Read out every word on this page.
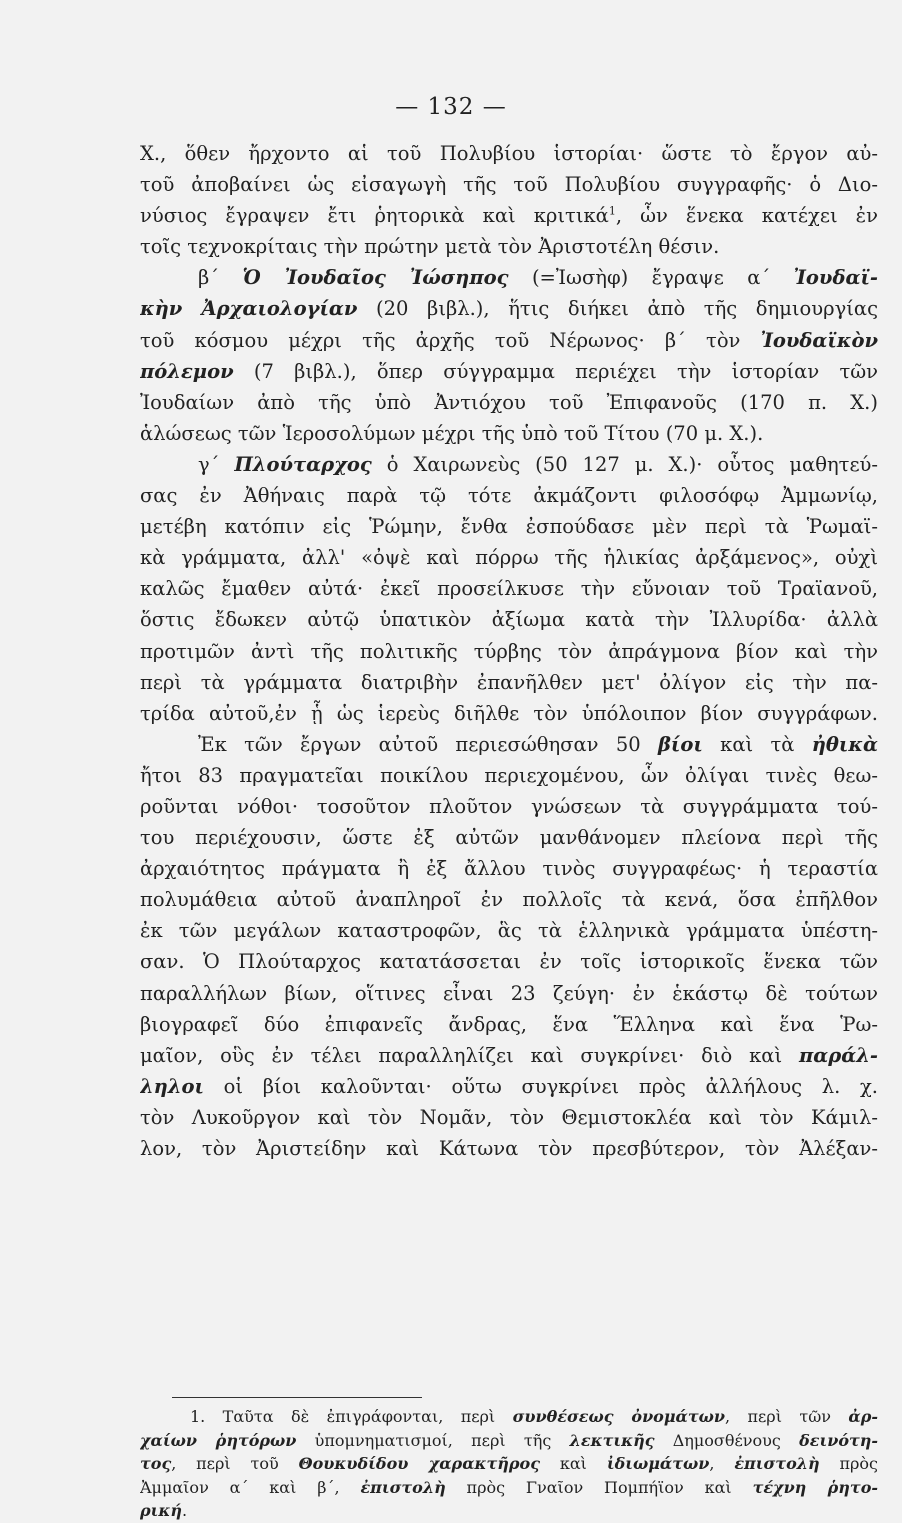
— 132 —
Χ., ὅθεν ἤρχοντο αἱ τοῦ Πολυβίου ἱστορίαι· ὥστε τὸ ἔργον αὐ-
τοῦ ἀποβαίνει ὡς εἰσαγωγὴ τῆς τοῦ Πολυβίου συγγραφῆς· ὁ Διο-
νύσιος ἔγραψεν ἔτι ῥητορικὰ καὶ κριτικά$^1$, ὧν ἕνεκα κατέχει ἐν
τοῖς τεχνοκρίταις τὴν πρώτην μετὰ τὸν Ἀριστοτέλη θέσιν.
β΄ Ὁ Ἰουδαῖος Ἰώσηπος (=Ἰωσὴφ) ἔγραψε α΄ Ἰουδαϊ-
κὴν Ἀρχαιολογίαν (20 βιβλ.), ἥτις διήκει ἀπὸ τῆς δημιουργίας
τοῦ κόσμου μέχρι τῆς ἀρχῆς τοῦ Νέρωνος· β΄ τὸν Ἰουδαϊκὸν
πόλεμον (7 βιβλ.), ὅπερ σύγγραμμα περιέχει τὴν ἱστορίαν τῶν
Ἰουδαίων ἀπὸ τῆς ὑπὸ Ἀντιόχου τοῦ Ἐπιφανοῦς (170 π. Χ.)
ἁλώσεως τῶν Ἱεροσολύμων μέχρι τῆς ὑπὸ τοῦ Τίτου (70 μ. Χ.).
γ΄ Πλούταρχος ὁ Χαιρωνεὺς (50 127 μ. Χ.)· οὗτος μαθητεύ-
σας ἐν Ἀθήναις παρὰ τῷ τότε ἀκμάζοντι φιλοσόφῳ Ἀμμωνίῳ,
μετέβη κατόπιν εἰς Ῥώμην, ἔνθα ἐσπούδασε μὲν περὶ τὰ Ῥωμαϊ-
κὰ γράμματα, ἀλλ' «ὀψὲ καὶ πόρρω τῆς ἡλικίας ἀρξάμενος», οὐχὶ
καλῶς ἔμαθεν αὐτά· ἐκεῖ προσείλκυσε τὴν εὔνοιαν τοῦ Τραϊανοῦ,
ὅστις ἔδωκεν αὐτῷ ὑπατικὸν ἀξίωμα κατὰ τὴν Ἰλλυρίδα· ἀλλὰ
προτιμῶν ἀντὶ τῆς πολιτικῆς τύρβης τὸν ἀπράγμονα βίον καὶ τὴν
περὶ τὰ γράμματα διατριβὴν ἐπανῆλθεν μετ' ὀλίγον εἰς τὴν πα-
τρίδα αὐτοῦ,ἐν ᾗ ὡς ἱερεὺς διῆλθε τὸν ὑπόλοιπον βίον συγγράφων.
Ἐκ τῶν ἔργων αὐτοῦ περιεσώθησαν 50 βίοι καὶ τὰ ἠθικὰ
ἤτοι 83 πραγματεῖαι ποικίλου περιεχομένου, ὧν ὀλίγαι τινὲς θεω-
ροῦνται νόθοι· τοσοῦτον πλοῦτον γνώσεων τὰ συγγράμματα τού-
του περιέχουσιν, ὥστε ἐξ αὐτῶν μανθάνομεν πλείονα περὶ τῆς
ἀρχαιότητος πράγματα ἢ ἐξ ἄλλου τινὸς συγγραφέως· ἡ τεραστία
πολυμάθεια αὐτοῦ ἀναπληροῖ ἐν πολλοῖς τὰ κενά, ὅσα ἐπῆλθον
ἐκ τῶν μεγάλων καταστροφῶν, ἃς τὰ ἑλληνικὰ γράμματα ὑπέστη-
σαν. Ὁ Πλούταρχος κατατάσσεται ἐν τοῖς ἱστορικοῖς ἕνεκα τῶν
παραλλήλων βίων, οἵτινες εἶναι 23 ζεύγη· ἐν ἑκάστῳ δὲ τούτων
βιογραφεῖ δύο ἐπιφανεῖς ἄνδρας, ἕνα Ἕλληνα καὶ ἕνα Ῥω-
μαῖον, οὓς ἐν τέλει παραλληλίζει καὶ συγκρίνει· διὸ καὶ παράλ-
ληλοι οἱ βίοι καλοῦνται· οὕτω συγκρίνει πρὸς ἀλλήλους λ. χ.
τὸν Λυκοῦργον καὶ τὸν Νομᾶν, τὸν Θεμιστοκλέα καὶ τὸν Κάμιλ-
λον, τὸν Ἀριστείδην καὶ Κάτωνα τὸν πρεσβύτερον, τὸν Ἀλέξαν-
1. Ταῦτα δὲ ἐπιγράφονται, περὶ συνθέσεως ὀνομάτων, περὶ τῶν ἀρ-
χαίων ῥητόρων ὑπομνηματισμοί, περὶ τῆς λεκτικῆς Δημοσθένους δεινότη-
τος, περὶ τοῦ Θουκυδίδου χαρακτῆρος καὶ ἰδιωμάτων, ἐπιστολὴ πρὸς
Ἀμμαῖον α΄ καὶ β΄, ἐπιστολὴ πρὸς Γναῖον Πομπήϊον καὶ τέχνη ῥητο-
ρική.
